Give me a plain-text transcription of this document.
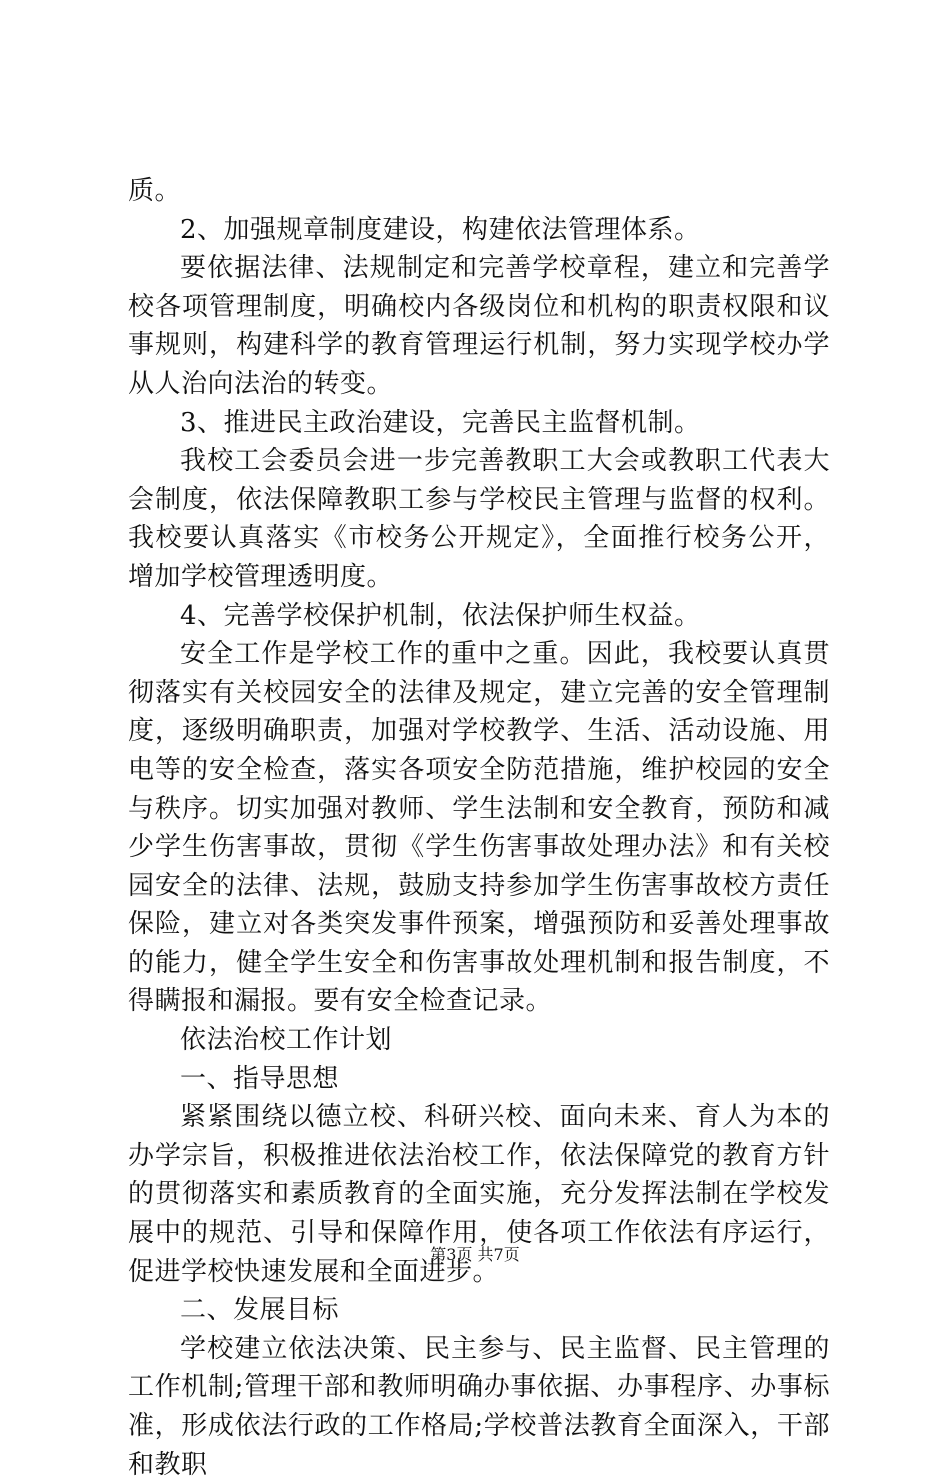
质。

2、加强规章制度建设，构建依法管理体系。

要依据法律、法规制定和完善学校章程，建立和完善学校各项管理制度，明确校内各级岗位和机构的职责权限和议事规则，构建科学的教育管理运行机制，努力实现学校办学从人治向法治的转变。

3、推进民主政治建设，完善民主监督机制。

我校工会委员会进一步完善教职工大会或教职工代表大会制度，依法保障教职工参与学校民主管理与监督的权利。我校要认真落实《市校务公开规定》，全面推行校务公开，增加学校管理透明度。

4、完善学校保护机制，依法保护师生权益。

安全工作是学校工作的重中之重。因此，我校要认真贯彻落实有关校园安全的法律及规定，建立完善的安全管理制度，逐级明确职责，加强对学校教学、生活、活动设施、用电等的安全检查，落实各项安全防范措施，维护校园的安全与秩序。切实加强对教师、学生法制和安全教育，预防和减少学生伤害事故，贯彻《学生伤害事故处理办法》和有关校园安全的法律、法规，鼓励支持参加学生伤害事故校方责任保险，建立对各类突发事件预案，增强预防和妥善处理事故的能力，健全学生安全和伤害事故处理机制和报告制度，不得瞒报和漏报。要有安全检查记录。

依法治校工作计划

一、指导思想

紧紧围绕以德立校、科研兴校、面向未来、育人为本的办学宗旨，积极推进依法治校工作，依法保障党的教育方针的贯彻落实和素质教育的全面实施，充分发挥法制在学校发展中的规范、引导和保障作用，使各项工作依法有序运行，促进学校快速发展和全面进步。

二、发展目标

学校建立依法决策、民主参与、民主监督、民主管理的工作机制;管理干部和教师明确办事依据、办事程序、办事标准，形成依法行政的工作格局;学校普法教育全面深入，干部和教职

第3页 共7页
